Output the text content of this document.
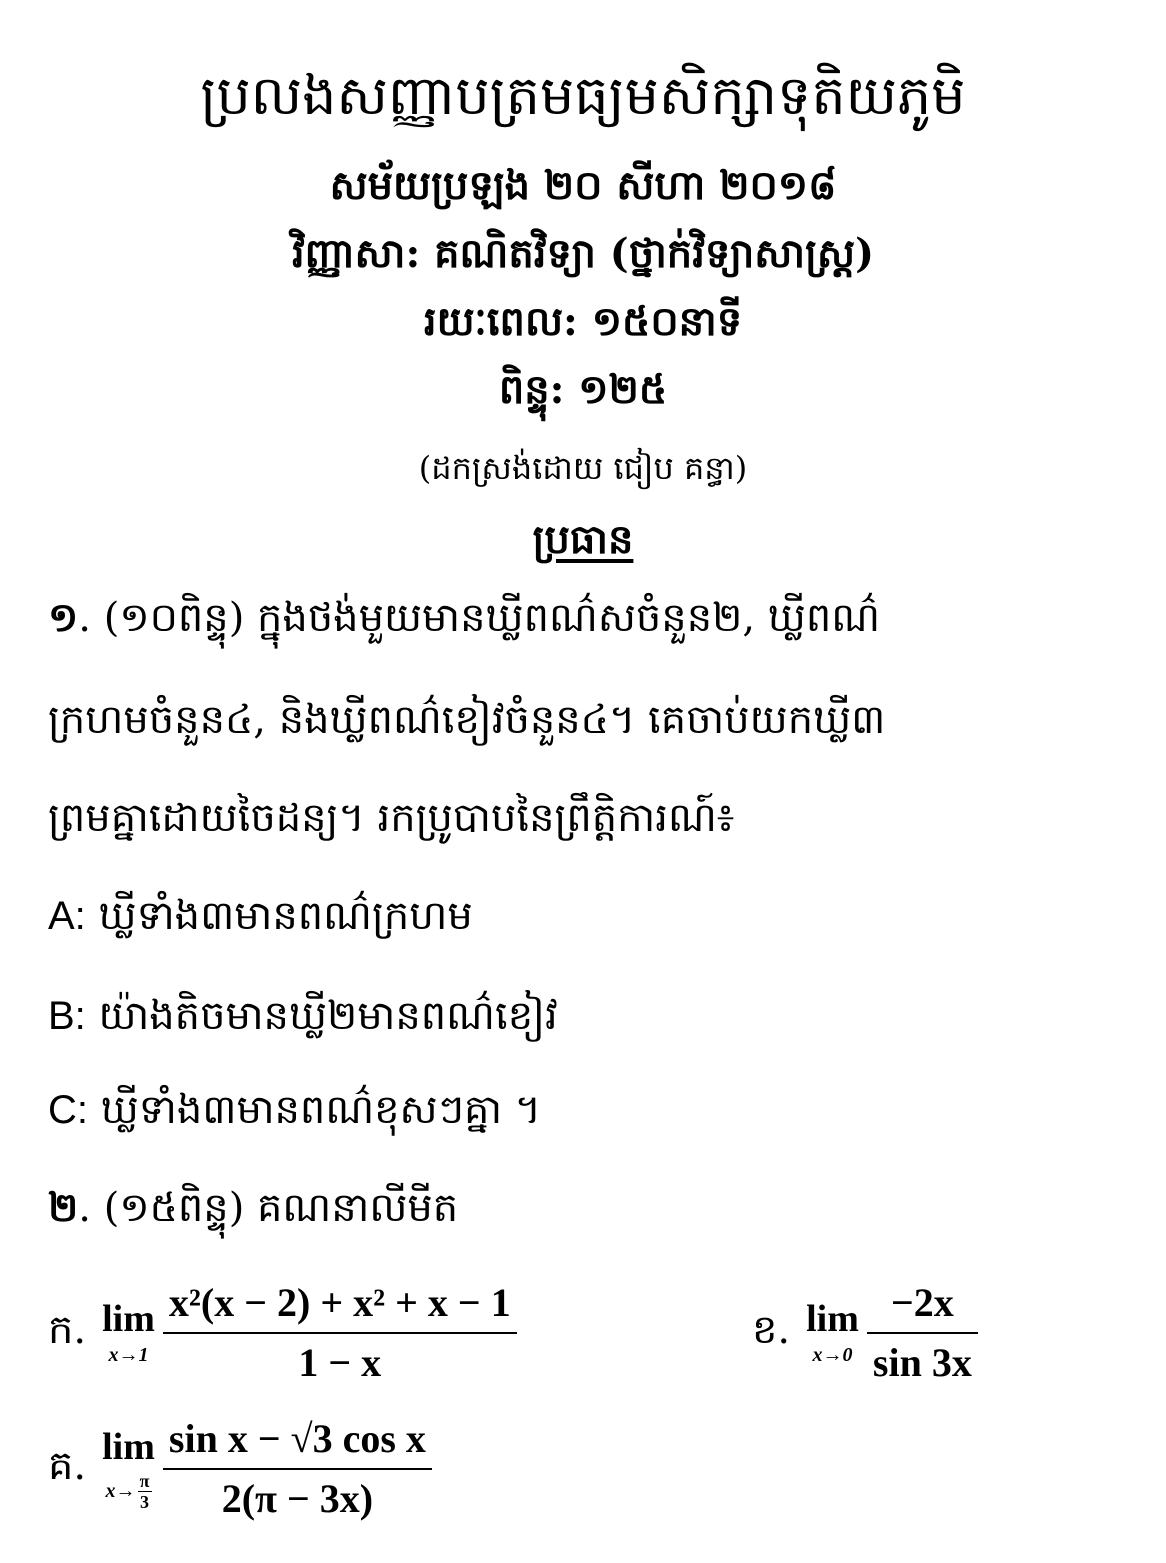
ប្រលងសញ្ញាបត្រមធ្យមសិក្សាទុតិយភូមិ
សម័យប្រឡង ២០ សីហា ២០១៨
វិញ្ញាសា: គណិតវិទ្យា (ថ្នាក់វិទ្យាសាស្ត្រ)
រយៈពេល: ១៥០នាទី
ពិន្ទុ: ១២៥
(ដកស្រង់ដោយ ជៀប គន្ធា)
ប្រធាន
១. (១០ពិន្ទុ) ក្នុងថង់មួយមានឃ្លីពណ៌សចំនួន២, ឃ្លីពណ៌
ក្រហមចំនួន៤, និងឃ្លីពណ៌ខៀវចំនួន៤។ គេចាប់យកឃ្លី៣
ព្រមគ្នាដោយចៃដន្យ។ រកប្រូបាបនៃព្រឹត្តិការណ៍៖
A: ឃ្លីទាំង៣មានពណ៌ក្រហម
B: យ៉ាងតិចមានឃ្លី២មានពណ៌ខៀវ
C: ឃ្លីទាំង៣មានពណ៌ខុសៗគ្នា ។
២. (១៥ពិន្ទុ) គណនាលីមីត
ក. lim
$x\to 1 \frac{\text{x²(x − 2) + x² + x − 1}}{1 - x}$	ខ. lim
$x\to 0 \frac{-2x}{\sin 3x}$
គ. lim
$x\to \frac{\pi}{3} \frac{\text{sin x − √3 cos x}}{2(\pi - 3x)}$
